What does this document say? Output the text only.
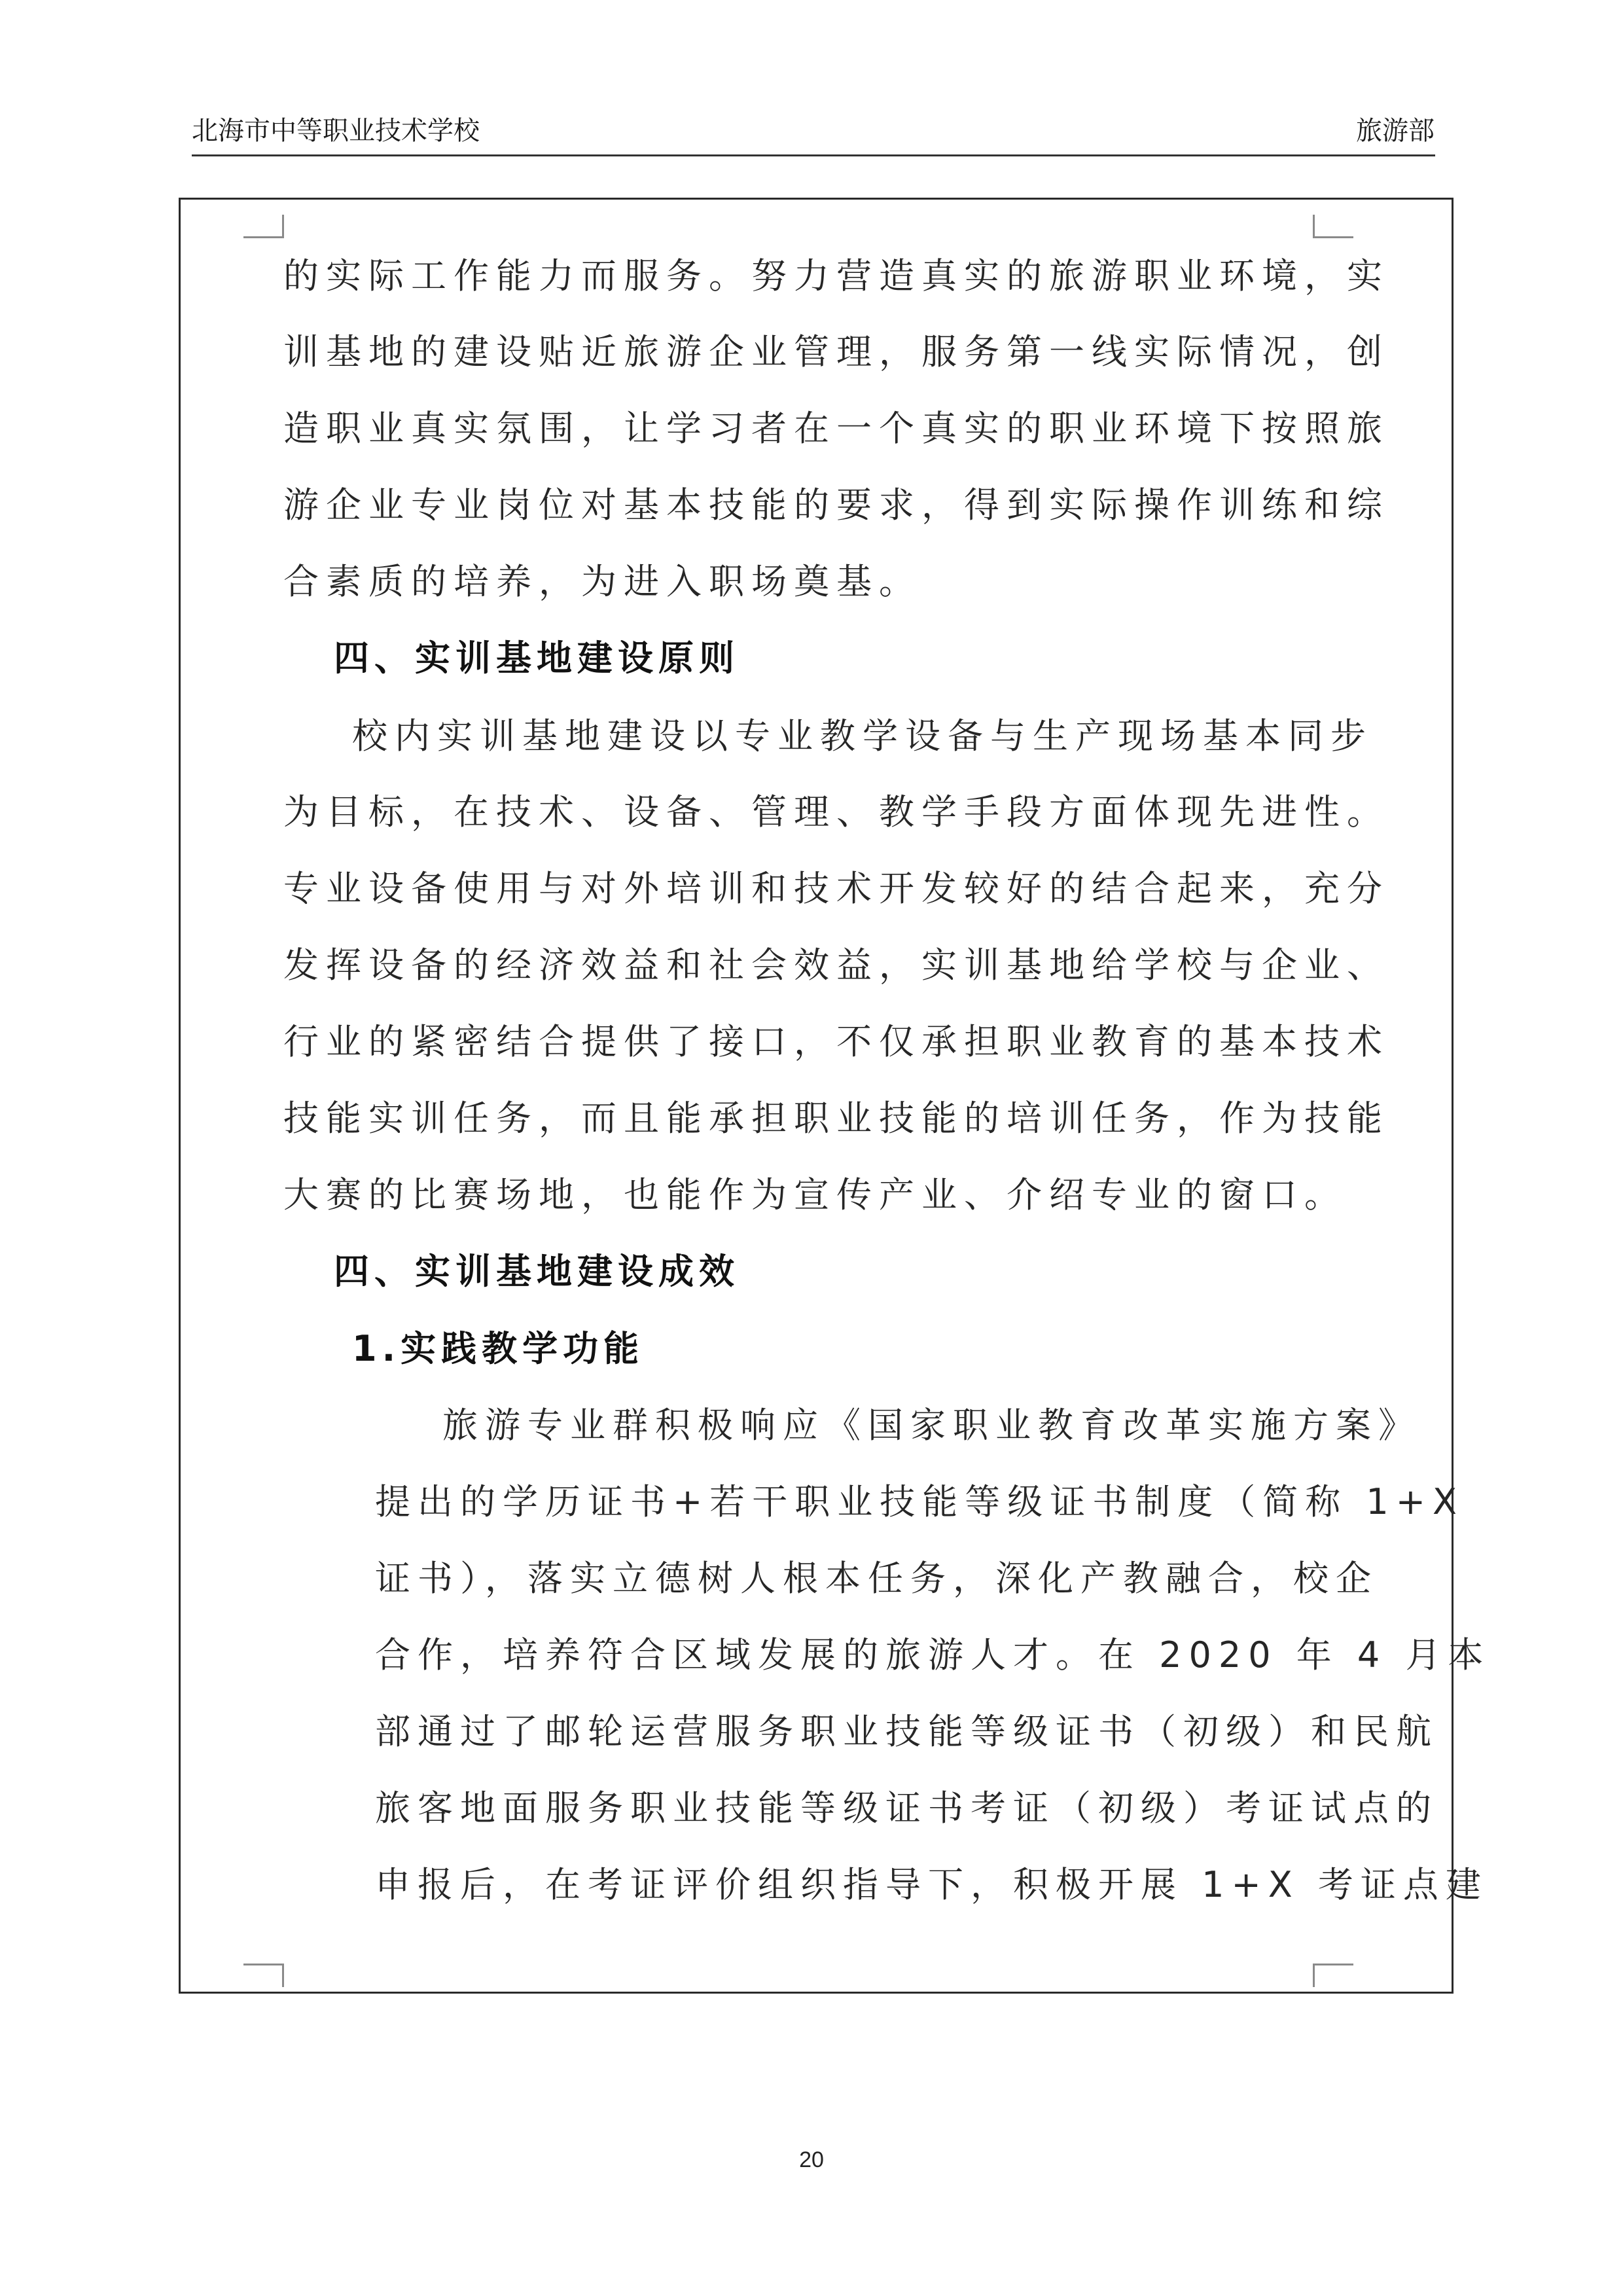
北海市中等职业技术学校	旅游部
的实际工作能力而服务。努力营造真实的旅游职业环境，实
训基地的建设贴近旅游企业管理，服务第一线实际情况，创
造职业真实氛围，让学习者在一个真实的职业环境下按照旅
游企业专业岗位对基本技能的要求，得到实际操作训练和综
合素质的培养，为进入职场奠基。
四、实训基地建设原则
校内实训基地建设以专业教学设备与生产现场基本同步
为目标，在技术、设备、管理、教学手段方面体现先进性。
专业设备使用与对外培训和技术开发较好的结合起来，充分
发挥设备的经济效益和社会效益，实训基地给学校与企业、
行业的紧密结合提供了接口，不仅承担职业教育的基本技术
技能实训任务，而且能承担职业技能的培训任务，作为技能
大赛的比赛场地，也能作为宣传产业、介绍专业的窗口。
四、实训基地建设成效
1.实践教学功能
旅游专业群积极响应《国家职业教育改革实施方案》
提出的学历证书+若干职业技能等级证书制度（简称 1+X
证书），落实立德树人根本任务，深化产教融合，校企
合作，培养符合区域发展的旅游人才。在 2020 年 4 月本
部通过了邮轮运营服务职业技能等级证书（初级）和民航
旅客地面服务职业技能等级证书考证（初级）考证试点的
申报后，在考证评价组织指导下，积极开展 1+X 考证点建
20
